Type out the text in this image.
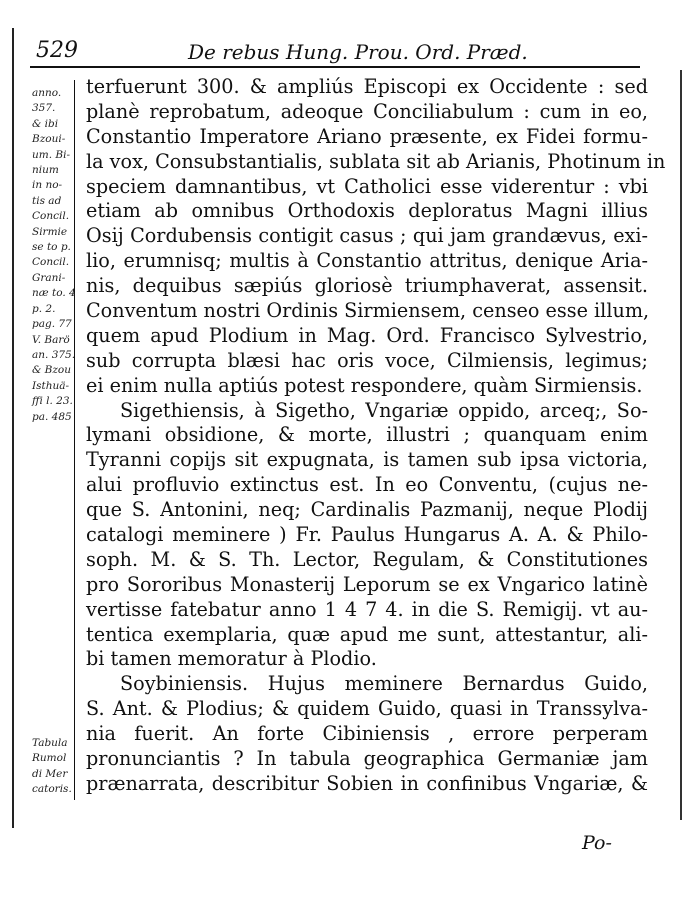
529	De rebus Hung. Prou. Ord. Præd.
anno.
357.
& ibi
Bzoui-
um. Bi-
nium
in no-
tis ad
Concil.
Sirmie
se to p.
Concil.
Grani-
næ to. 4
p. 2.
pag. 77
V. Barö
an. 375.
& Bzou
Isthuä-
ffi l. 23.
pa. 485
Tabula
Rumol
di Mer
catoris.
terfuerunt 300. & ampliús Episcopi ex Occidente : sed
planè reprobatum, adeoque Conciliabulum : cum in eo,
Constantio Imperatore Ariano præsente, ex Fidei formu-
la vox, Consubstantialis, sublata sit ab Arianis, Photinum in
speciem damnantibus, vt Catholici esse viderentur : vbi
etiam ab omnibus Orthodoxis deploratus Magni illius
Osij Cordubensis contigit casus ; qui jam grandævus, exi-
lio, erumnisq; multis à Constantio attritus, denique Aria-
nis, dequibus sæpiús gloriosè triumphaverat, assensit.
Conventum nostri Ordinis Sirmiensem, censeo esse illum,
quem apud Plodium in Mag. Ord. Francisco Sylvestrio,
sub corrupta blæsi hac oris voce, Cilmiensis, legimus;
ei enim nulla aptiús potest respondere, quàm Sirmiensis.
Sigethiensis, à Sigetho, Vngariæ oppido, arceq;, So-
lymani obsidione, & morte, illustri ; quanquam enim
Tyranni copijs sit expugnata, is tamen sub ipsa victoria,
alui profluvio extinctus est. In eo Conventu, (cujus ne-
que S. Antonini, neq; Cardinalis Pazmanij, neque Plodij
catalogi meminere ) Fr. Paulus Hungarus A. A. & Philo-
soph. M. & S. Th. Lector, Regulam, & Constitutiones
pro Sororibus Monasterij Leporum se ex Vngarico latinè
vertisse fatebatur anno 1 4 7 4. in die S. Remigij. vt au-
tentica exemplaria, quæ apud me sunt, attestantur, ali-
bi tamen memoratur à Plodio.
Soybiniensis. Hujus meminere Bernardus Guido,
S. Ant. & Plodius; & quidem Guido, quasi in Transsylva-
nia fuerit. An forte Cibiniensis , errore perperam
pronunciantis ? In tabula geographica Germaniæ jam
prænarrata, describitur Sobien in confinibus Vngariæ, &
Po-
